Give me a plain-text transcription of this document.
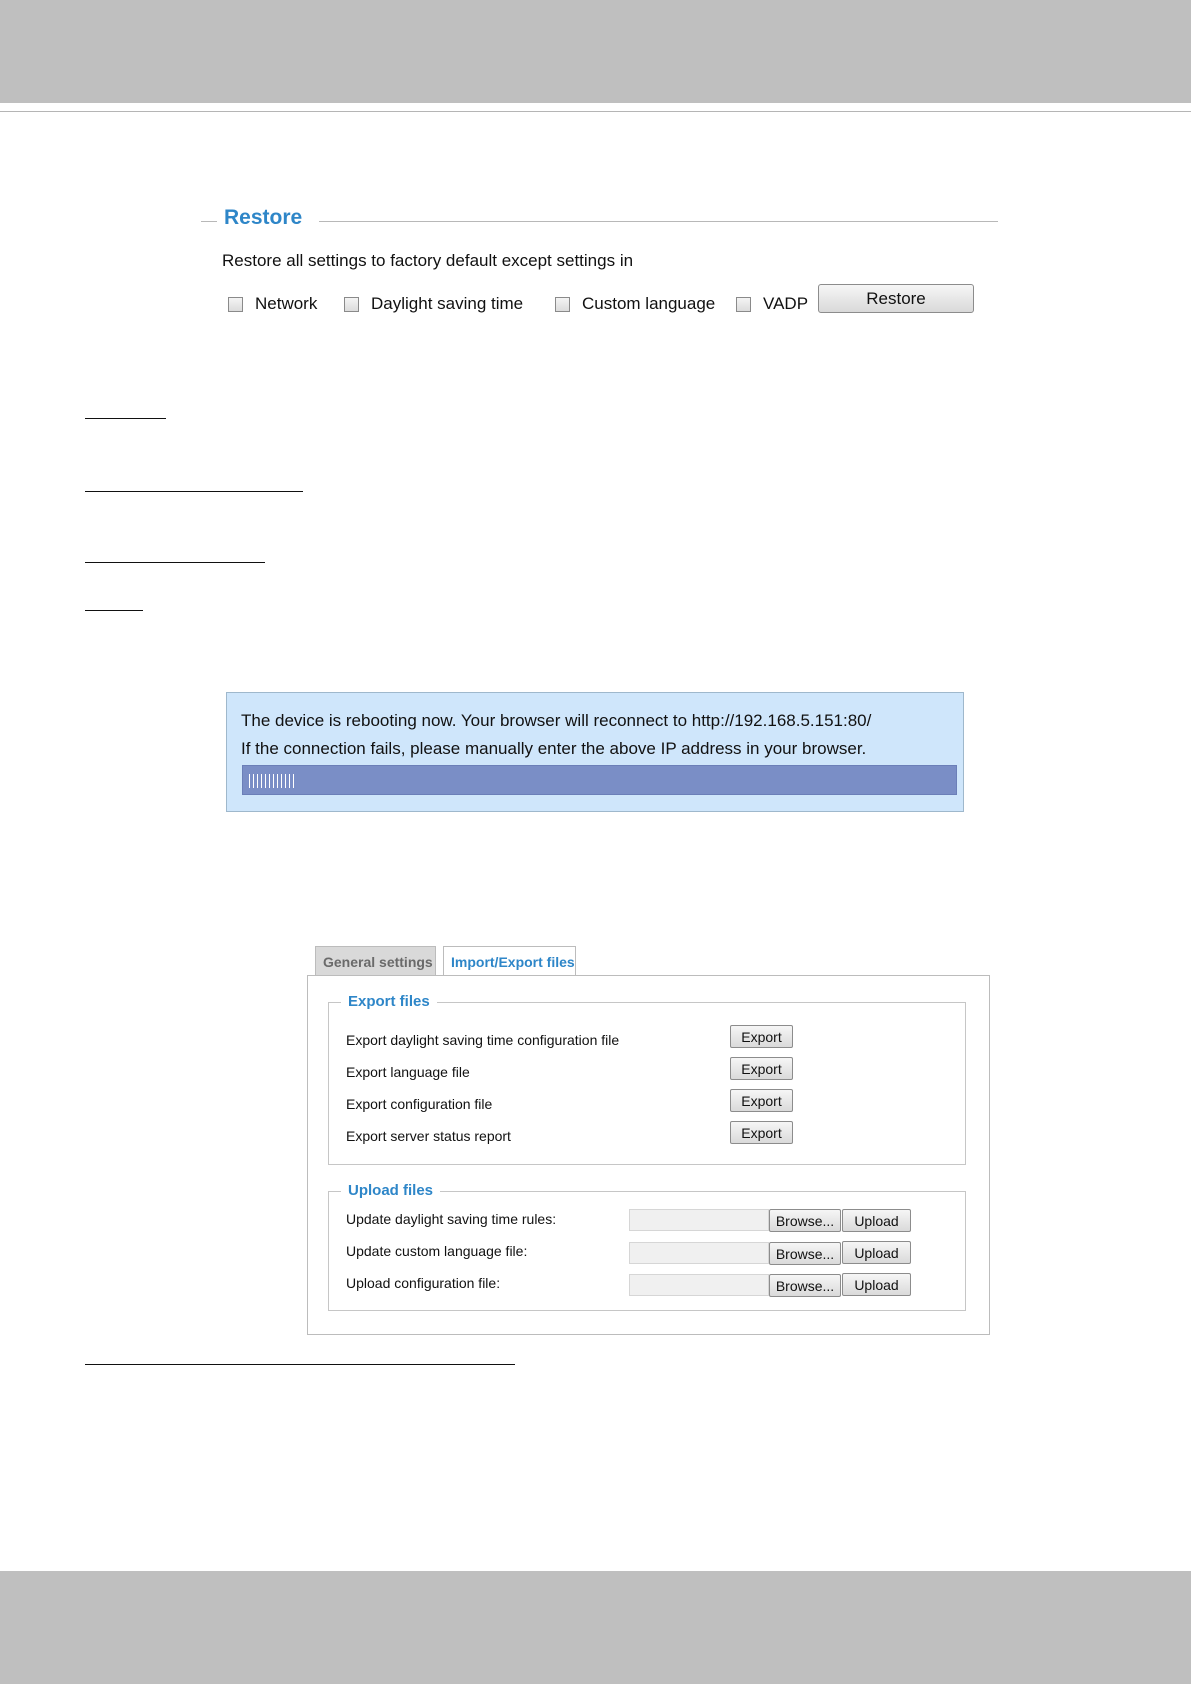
Restore
Restore all settings to factory default except settings in
Network	Daylight saving time	Custom language	VADP	Restore
The device is rebooting now. Your browser will reconnect to http://192.168.5.151:80/
If the connection fails, please manually enter the above IP address in your browser.
General settings	Import/Export files
Export files
Export daylight saving time configuration file	Export
Export language file	Export
Export configuration file	Export
Export server status report	Export
Upload files
Update daylight saving time rules:	Browse...	Upload
Update custom language file:	Browse...	Upload
Upload configuration file:	Browse...	Upload
